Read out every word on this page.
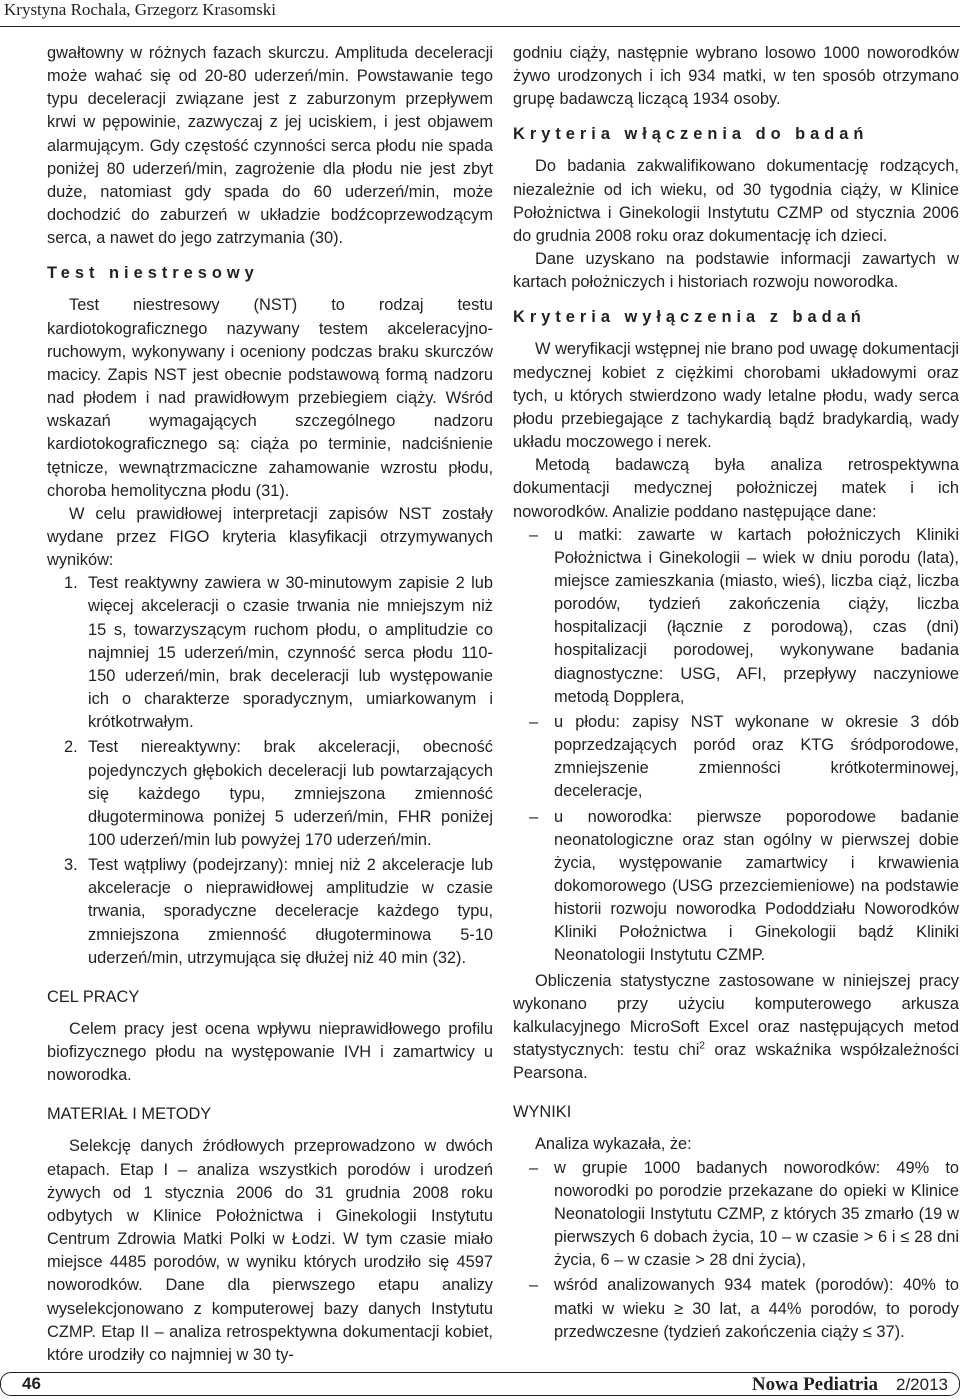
Krystyna Rochala, Grzegorz Krasomski

gwałtowny w różnych fazach skurczu. Amplituda deceleracji może wahać się od 20-80 uderzeń/min. Powstawanie tego typu deceleracji związane jest z zaburzonym przepływem krwi w pępowinie, zazwyczaj z jej uciskiem, i jest objawem alarmującym. Gdy częstość czynności serca płodu nie spada poniżej 80 uderzeń/min, zagrożenie dla płodu nie jest zbyt duże, natomiast gdy spada do 60 uderzeń/min, może dochodzić do zaburzeń w układzie bodźcoprzewodzącym serca, a nawet do jego zatrzymania (30).

Test niestresowy

Test niestresowy (NST) to rodzaj testu kardiotokograficznego nazywany testem akceleracyjno-ruchowym, wykonywany i oceniony podczas braku skurczów macicy. Zapis NST jest obecnie podstawową formą nadzoru nad płodem i nad prawidłowym przebiegiem ciąży. Wśród wskazań wymagających szczególnego nadzoru kardiotokograficznego są: ciąża po terminie, nadciśnienie tętnicze, wewnątrzmaciczne zahamowanie wzrostu płodu, choroba hemolityczna płodu (31).

W celu prawidłowej interpretacji zapisów NST zostały wydane przez FIGO kryteria klasyfikacji otrzymywanych wyników:

1. Test reaktywny zawiera w 30-minutowym zapisie 2 lub więcej akceleracji o czasie trwania nie mniejszym niż 15 s, towarzyszącym ruchom płodu, o amplitudzie co najmniej 15 uderzeń/min, czynność serca płodu 110-150 uderzeń/min, brak deceleracji lub występowanie ich o charakterze sporadycznym, umiarkowanym i krótkotrwałym.
2. Test niereaktywny: brak akceleracji, obecność pojedynczych głębokich deceleracji lub powtarzających się każdego typu, zmniejszona zmienność długoterminowa poniżej 5 uderzeń/min, FHR poniżej 100 uderzeń/min lub powyżej 170 uderzeń/min.
3. Test wątpliwy (podejrzany): mniej niż 2 akceleracje lub akceleracje o nieprawidłowej amplitudzie w czasie trwania, sporadyczne deceleracje każdego typu, zmniejszona zmienność długoterminowa 5-10 uderzeń/min, utrzymująca się dłużej niż 40 min (32).
CEL PRACY

Celem pracy jest ocena wpływu nieprawidłowego profilu biofizycznego płodu na występowanie IVH i zamartwicy u noworodka.

MATERIAŁ I METODY

Selekcję danych źródłowych przeprowadzono w dwóch etapach. Etap I – analiza wszystkich porodów i urodzeń żywych od 1 stycznia 2006 do 31 grudnia 2008 roku odbytych w Klinice Położnictwa i Ginekologii Instytutu Centrum Zdrowia Matki Polki w Łodzi. W tym czasie miało miejsce 4485 porodów, w wyniku których urodziło się 4597 noworodków. Dane dla pierwszego etapu analizy wyselekcjonowano z komputerowej bazy danych Instytutu CZMP. Etap II – analiza retrospektywna dokumentacji kobiet, które urodziły co najmniej w 30 ty-

godniu ciąży, następnie wybrano losowo 1000 noworodków żywo urodzonych i ich 934 matki, w ten sposób otrzymano grupę badawczą liczącą 1934 osoby.

Kryteria włączenia do badań

Do badania zakwalifikowano dokumentację rodzących, niezależnie od ich wieku, od 30 tygodnia ciąży, w Klinice Położnictwa i Ginekologii Instytutu CZMP od stycznia 2006 do grudnia 2008 roku oraz dokumentację ich dzieci.

Dane uzyskano na podstawie informacji zawartych w kartach położniczych i historiach rozwoju noworodka.

Kryteria wyłączenia z badań

W weryfikacji wstępnej nie brano pod uwagę dokumentacji medycznej kobiet z ciężkimi chorobami układowymi oraz tych, u których stwierdzono wady letalne płodu, wady serca płodu przebiegające z tachykardią bądź bradykardią, wady układu moczowego i nerek.

Metodą badawczą była analiza retrospektywna dokumentacji medycznej położniczej matek i ich noworodków. Analizie poddano następujące dane:

– u matki: zawarte w kartach położniczych Kliniki Położnictwa i Ginekologii – wiek w dniu porodu (lata), miejsce zamieszkania (miasto, wieś), liczba ciąż, liczba porodów, tydzień zakończenia ciąży, liczba hospitalizacji (łącznie z porodową), czas (dni) hospitalizacji porodowej, wykonywane badania diagnostyczne: USG, AFI, przepływy naczyniowe metodą Dopplera,
– u płodu: zapisy NST wykonane w okresie 3 dób poprzedzających poród oraz KTG śródporodowe, zmniejszenie zmienności krótkoterminowej, deceleracje,
– u noworodka: pierwsze poporodowe badanie neonatologiczne oraz stan ogólny w pierwszej dobie życia, występowanie zamartwicy i krwawienia dokomorowego (USG przezciemieniowe) na podstawie historii rozwoju noworodka Pododdziału Noworodków Kliniki Położnictwa i Ginekologii bądź Kliniki Neonatologii Instytutu CZMP.

Obliczenia statystyczne zastosowane w niniejszej pracy wykonano przy użyciu komputerowego arkusza kalkulacyjnego MicroSoft Excel oraz następujących metod statystycznych: testu chi$^2$ oraz wskaźnika współzależności Pearsona.

WYNIKI

Analiza wykazała, że:

– w grupie 1000 badanych noworodków: 49% to noworodki po porodzie przekazane do opieki w Klinice Neonatologii Instytutu CZMP, z których 35 zmarło (19 w pierwszych 6 dobach życia, 10 – w czasie > 6 i ≤ 28 dni życia, 6 – w czasie > 28 dni życia),
– wśród analizowanych 934 matek (porodów): 40% to matki w wieku ≥ 30 lat, a 44% porodów, to porody przedwczesne (tydzień zakończenia ciąży ≤ 37).
46	Nowa Pediatria 2/2013
